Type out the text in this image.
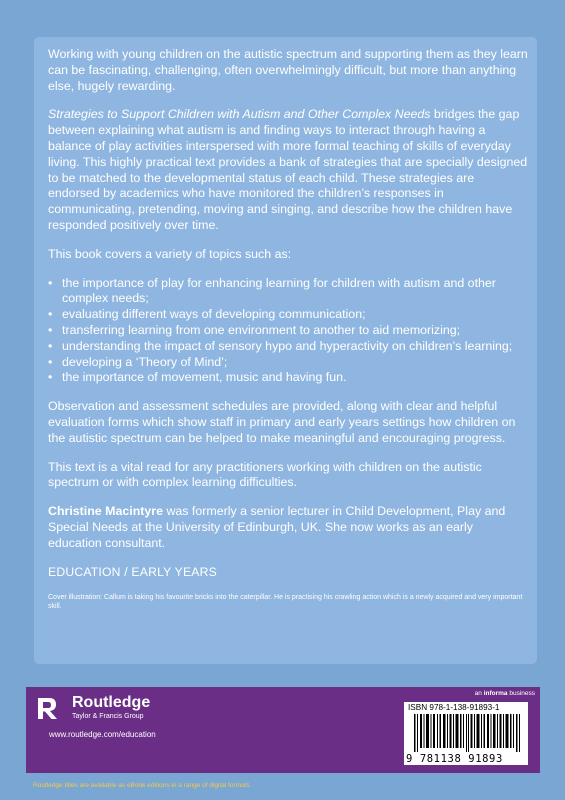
Working with young children on the autistic spectrum and supporting them as they learn can be fascinating, challenging, often overwhelmingly difficult, but more than anything else, hugely rewarding.

Strategies to Support Children with Autism and Other Complex Needs bridges the gap between explaining what autism is and finding ways to interact through having a balance of play activities interspersed with more formal teaching of skills of everyday living. This highly practical text provides a bank of strategies that are specially designed to be matched to the developmental status of each child. These strategies are endorsed by academics who have monitored the children’s responses in communicating, pretending, moving and singing, and describe how the children have responded positively over time.

This book covers a variety of topics such as:

• the importance of play for enhancing learning for children with autism and other complex needs;
• evaluating different ways of developing communication;
• transferring learning from one environment to another to aid memorizing;
• understanding the impact of sensory hypo and hyperactivity on children’s learning;
• developing a ‘Theory of Mind’;
• the importance of movement, music and having fun.

Observation and assessment schedules are provided, along with clear and helpful evaluation forms which show staff in primary and early years settings how children on the autistic spectrum can be helped to make meaningful and encouraging progress.

This text is a vital read for any practitioners working with children on the autistic spectrum or with complex learning difficulties.

Christine Macintyre was formerly a senior lecturer in Child Development, Play and Special Needs at the University of Edinburgh, UK. She now works as an early education consultant.

EDUCATION / EARLY YEARS

Cover illustration: Callum is taking his favourite bricks into the caterpillar. He is practising his crawling action which is a newly acquired and very important skill.

an informa business
Routledge
Taylor & Francis Group
www.routledge.com/education
ISBN 978-1-138-91893-1
9 781138 91893
Routledge titles are available as eBook editions in a range of digital formats
